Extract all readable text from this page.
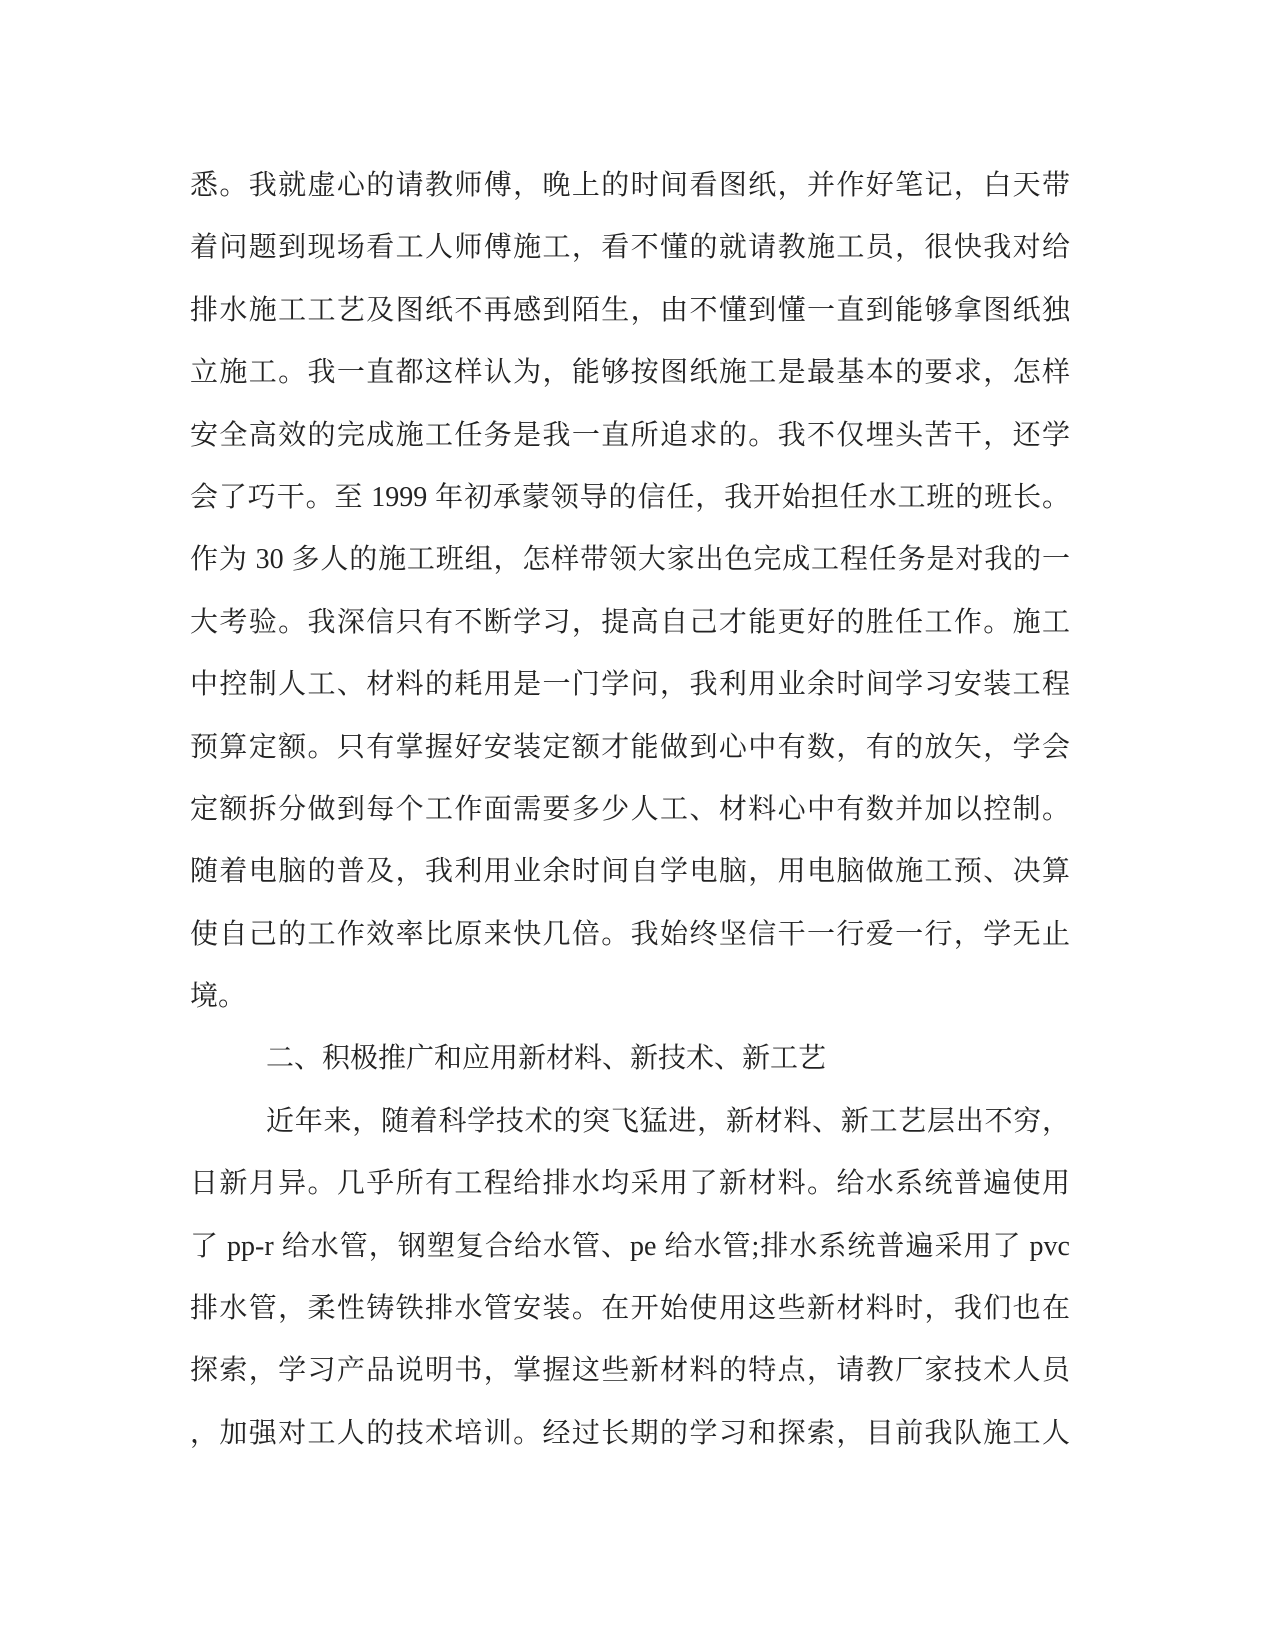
悉。我就虚心的请教师傅，晚上的时间看图纸，并作好笔记，白天带
着问题到现场看工人师傅施工，看不懂的就请教施工员，很快我对给
排水施工工艺及图纸不再感到陌生，由不懂到懂一直到能够拿图纸独
立施工。我一直都这样认为，能够按图纸施工是最基本的要求，怎样
安全高效的完成施工任务是我一直所追求的。我不仅埋头苦干，还学
会了巧干。至 1999 年初承蒙领导的信任，我开始担任水工班的班长。
作为 30 多人的施工班组，怎样带领大家出色完成工程任务是对我的一
大考验。我深信只有不断学习，提高自己才能更好的胜任工作。施工
中控制人工、材料的耗用是一门学问，我利用业余时间学习安装工程
预算定额。只有掌握好安装定额才能做到心中有数，有的放矢，学会
定额拆分做到每个工作面需要多少人工、材料心中有数并加以控制。
随着电脑的普及，我利用业余时间自学电脑，用电脑做施工预、决算
使自己的工作效率比原来快几倍。我始终坚信干一行爱一行，学无止
境。
二、积极推广和应用新材料、新技术、新工艺
近年来，随着科学技术的突飞猛进，新材料、新工艺层出不穷，
日新月异。几乎所有工程给排水均采用了新材料。给水系统普遍使用
了 pp-r 给水管，钢塑复合给水管、pe 给水管;排水系统普遍采用了 pvc
排水管，柔性铸铁排水管安装。在开始使用这些新材料时，我们也在
探索，学习产品说明书，掌握这些新材料的特点，请教厂家技术人员
，加强对工人的技术培训。经过长期的学习和探索，目前我队施工人
